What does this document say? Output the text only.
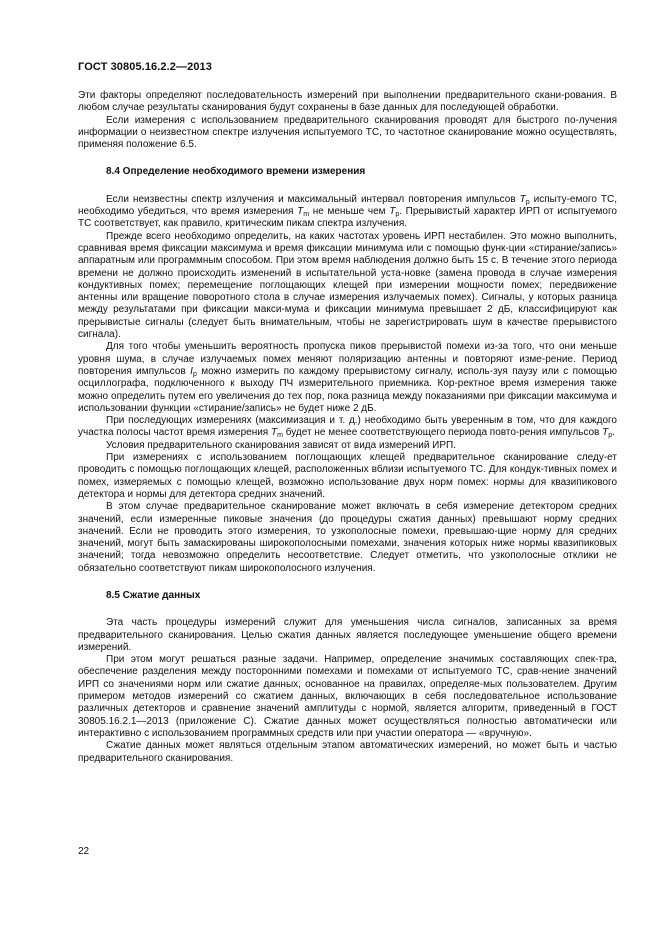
ГОСТ 30805.16.2.2—2013

Эти факторы определяют последовательность измерений при выполнении предварительного скани-рования. В любом случае результаты сканирования будут сохранены в базе данных для последующей обработки.

Если измерения с использованием предварительного сканирования проводят для быстрого по-лучения информации о неизвестном спектре излучения испытуемого ТС, то частотное сканирование можно осуществлять, применяя положение 6.5.

8.4 Определение необходимого времени измерения

Если неизвестны спектр излучения и максимальный интервал повторения импульсов $T_p$ испыту-емого ТС, необходимо убедиться, что время измерения $T_m$ не меньше чем $T_p$. Прерывистый характер ИРП от испытуемого ТС соответствует, как правило, критическим пикам спектра излучения.

Прежде всего необходимо определить, на каких частотах уровень ИРП нестабилен. Это можно выполнить, сравнивая время фиксации максимума и время фиксации минимума или с помощью функ-ции «стирание/запись» аппаратным или программным способом. При этом время наблюдения должно быть 15 с. В течение этого периода времени не должно происходить изменений в испытательной уста-новке (замена провода в случае измерения кондуктивных помех; перемещение поглощающих клещей при измерении мощности помех; передвижение антенны или вращение поворотного стола в случае измерения излучаемых помех). Сигналы, у которых разница между результатами при фиксации макси-мума и фиксации минимума превышает 2 дБ, классифицируют как прерывистые сигналы (следует быть внимательным, чтобы не зарегистрировать шум в качестве прерывистого сигнала).

Для того чтобы уменьшить вероятность пропуска пиков прерывистой помехи из-за того, что они меньше уровня шума, в случае излучаемых помех меняют поляризацию антенны и повторяют изме-рение. Период повторения импульсов $I_p$ можно измерить по каждому прерывистому сигналу, исполь-зуя паузу или с помощью осциллографа, подключенного к выходу ПЧ измерительного приемника. Кор-ректное время измерения также можно определить путем его увеличения до тех пор, пока разница между показаниями при фиксации максимума и использовании функции «стирание/запись» не будет ниже 2 дБ.

При последующих измерениях (максимизация и т. д.) необходимо быть уверенным в том, что для каждого участка полосы частот время измерения $T_m$ будет не менее соответствующего периода повто-рения импульсов $T_p$.

Условия предварительного сканирования зависят от вида измерений ИРП.

При измерениях с использованием поглощающих клещей предварительное сканирование следу-ет проводить с помощью поглощающих клещей, расположенных вблизи испытуемого ТС. Для кондук-тивных помех и помех, измеряемых с помощью клещей, возможно использование двух норм помех: нормы для квазипикового детектора и нормы для детектора средних значений.

В этом случае предварительное сканирование может включать в себя измерение детектором средних значений, если измеренные пиковые значения (до процедуры сжатия данных) превышают норму средних значений. Если не проводить этого измерения, то узкополосные помехи, превышаю-щие норму для средних значений, могут быть замаскированы широкополосными помехами, значения которых ниже нормы квазипиковых значений; тогда невозможно определить несоответствие. Следует отметить, что узкополосные отклики не обязательно соответствуют пикам широкополосного излучения.

8.5 Сжатие данных

Эта часть процедуры измерений служит для уменьшения числа сигналов, записанных за время предварительного сканирования. Целью сжатия данных является последующее уменьшение общего времени измерений.

При этом могут решаться разные задачи. Например, определение значимых составляющих спек-тра, обеспечение разделения между посторонними помехами и помехами от испытуемого ТС, срав-нение значений ИРП со значениями норм или сжатие данных, основанное на правилах, определяе-мых пользователем. Другим примером методов измерений со сжатием данных, включающих в себя последовательное использование различных детекторов и сравнение значений амплитуды с нормой, является алгоритм, приведенный в ГОСТ 30805.16.2.1—2013 (приложение С). Сжатие данных может осуществляться полностью автоматически или интерактивно с использованием программных средств или при участии оператора — «вручную».

Сжатие данных может являться отдельным этапом автоматических измерений, но может быть и частью предварительного сканирования.

22
